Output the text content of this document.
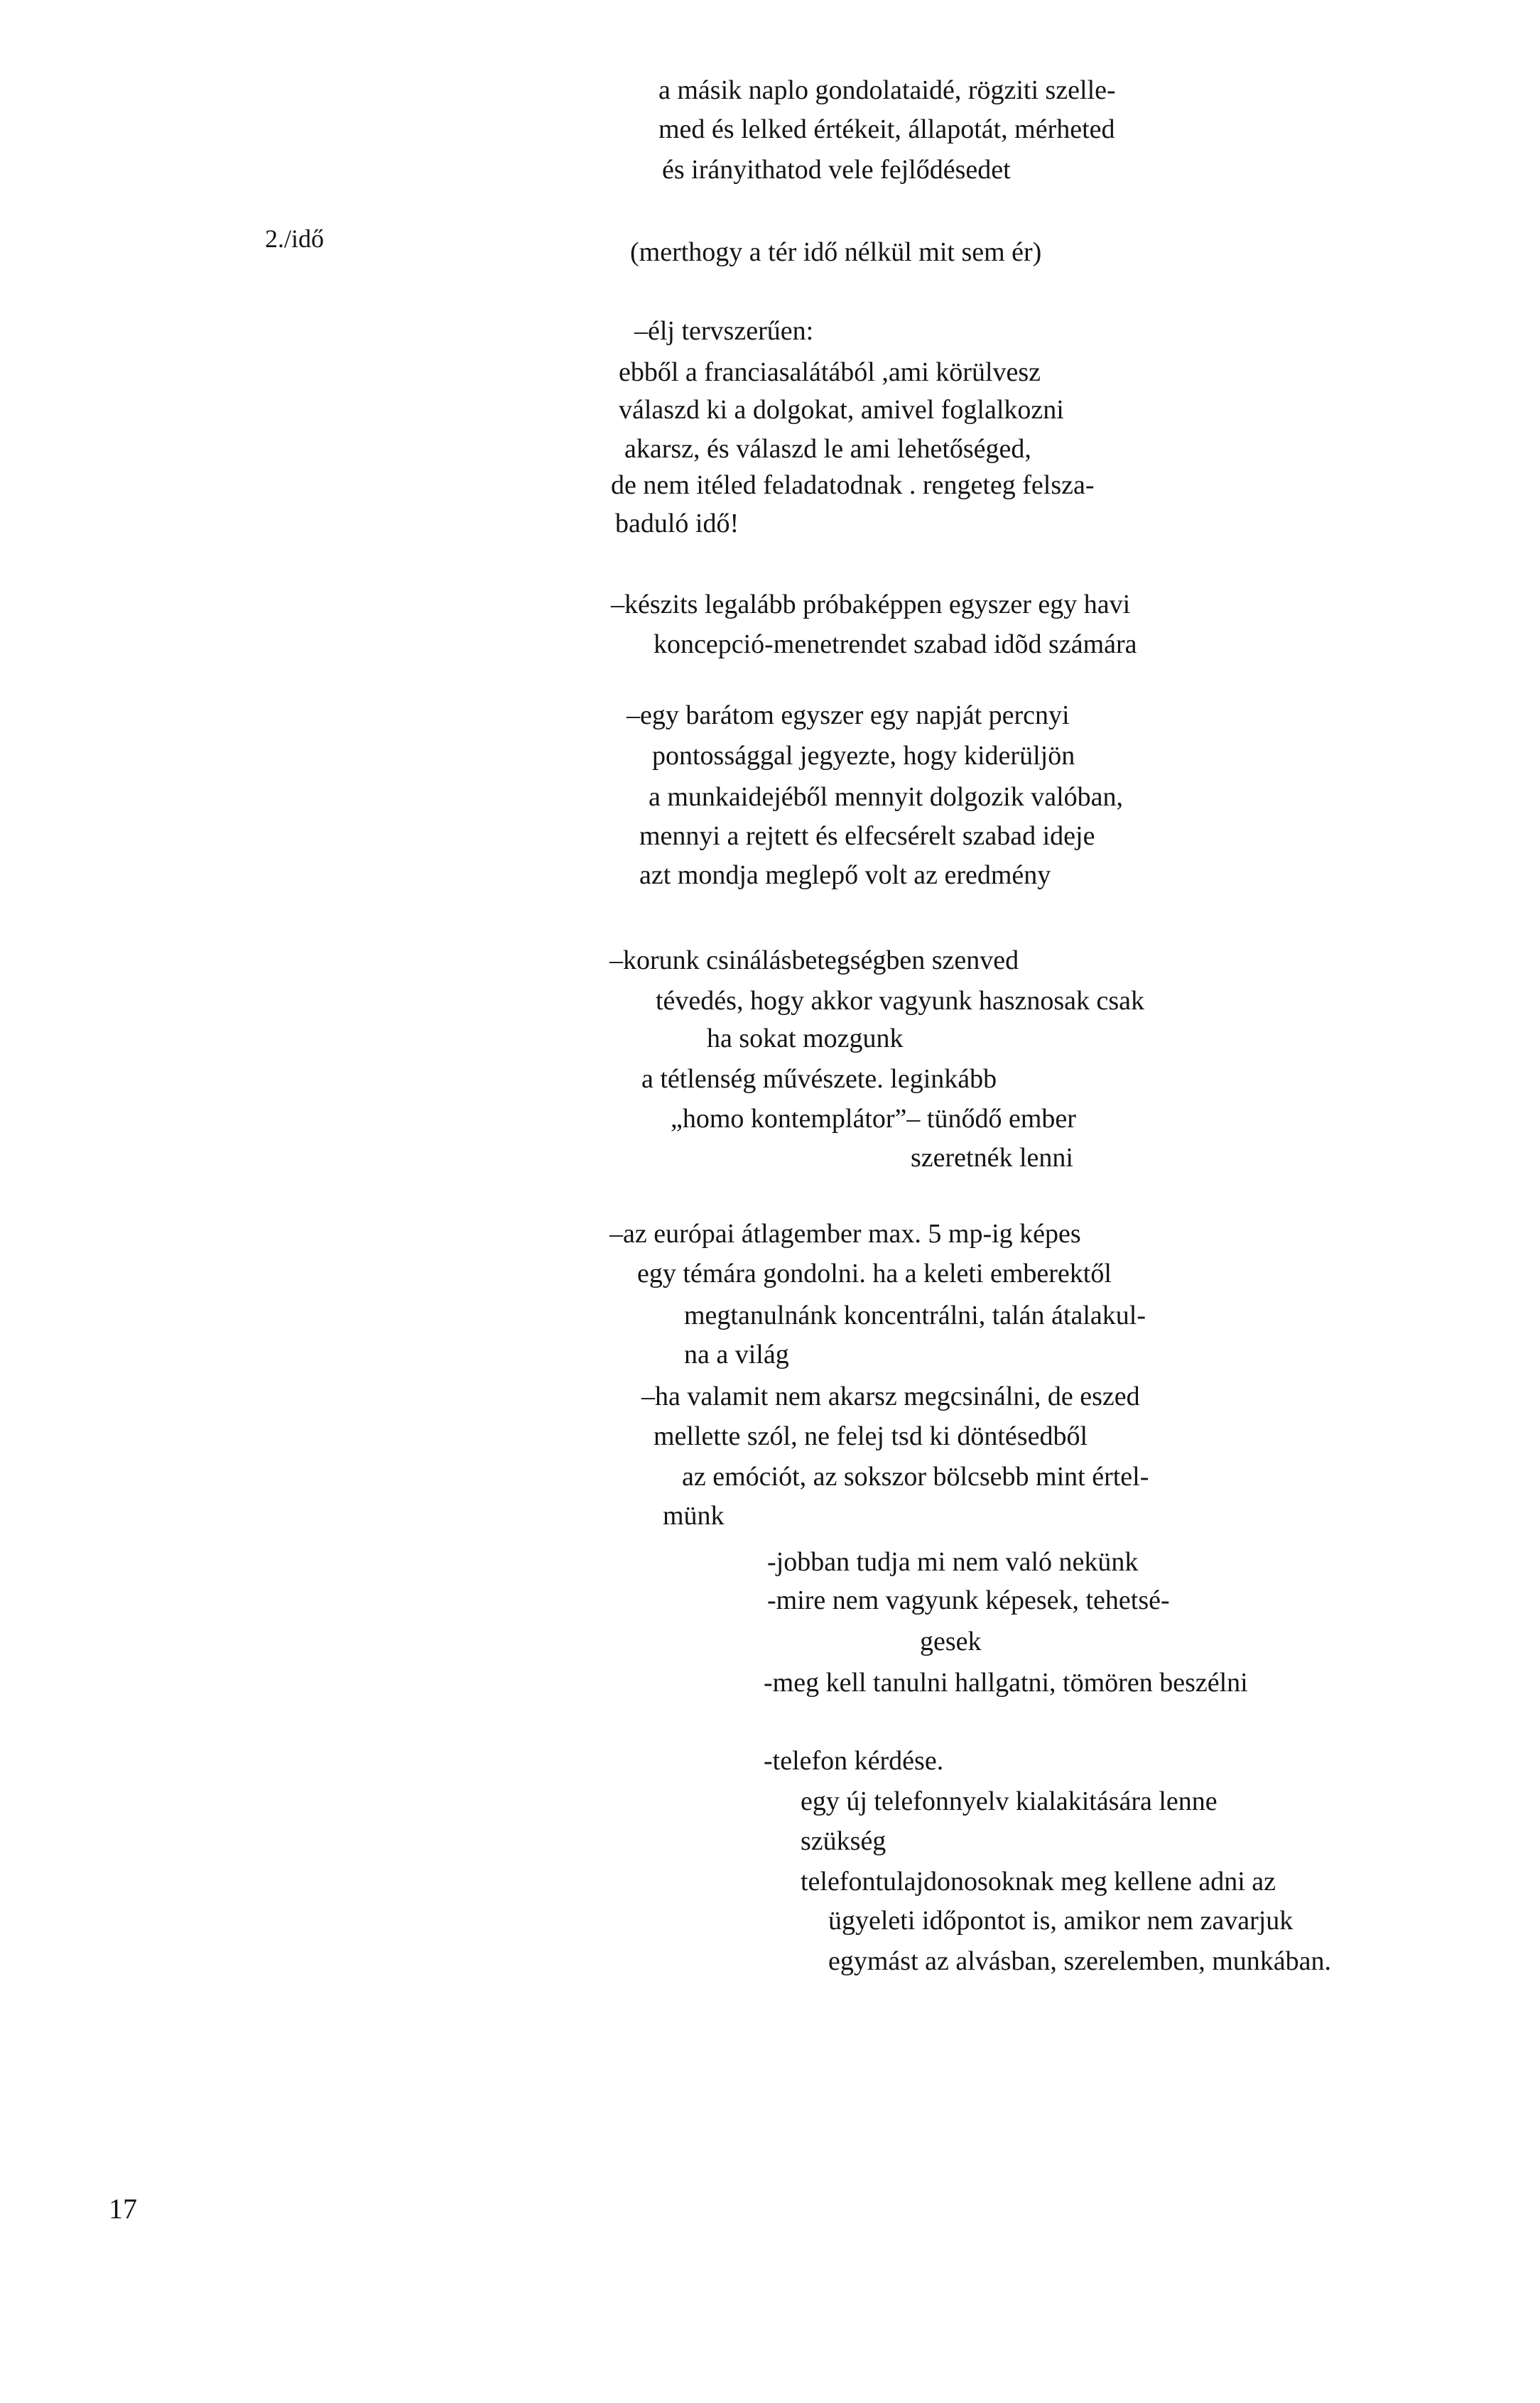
2./idő
a másik naplo gondolataidé, rögziti szelle-
med és lelked értékeit, állapotát, mérheted
és irányithatod vele fejlődésedet
(merthogy a tér idő nélkül mit sem ér)
–élj tervszerűen:
ebből a franciasalátából ,ami körülvesz
válaszd ki a dolgokat, amivel foglalkozni
akarsz, és válaszd le ami lehetőséged,
de nem itéled feladatodnak . rengeteg felsza-
baduló idő!
–készits legalább próbaképpen egyszer egy havi
koncepció-menetrendet szabad idõd számára
–egy barátom egyszer egy napját percnyi
pontossággal jegyezte, hogy kiderüljön
a munkaidejéből mennyit dolgozik valóban,
mennyi a rejtett és elfecsérelt szabad ideje
azt mondja meglepő volt az eredmény
–korunk csinálásbetegségben szenved
tévedés, hogy akkor vagyunk hasznosak csak
ha sokat mozgunk
a tétlenség művészete. leginkább
„homo kontemplátor”– tünődő ember
szeretnék lenni
–az európai átlagember max. 5 mp-ig képes
egy témára gondolni. ha a keleti emberektől
megtanulnánk koncentrálni, talán átalakul-
na a világ
–ha valamit nem akarsz megcsinálni, de eszed
mellette szól, ne felej tsd ki döntésedből
az emóciót, az sokszor bölcsebb mint értel-
münk
-jobban tudja mi nem való nekünk
-mire nem vagyunk képesek, tehetsé-
gesek
-meg kell tanulni hallgatni, tömören beszélni
-telefon kérdése.
egy új telefonnyelv kialakitására lenne
szükség
telefontulajdonosoknak meg kellene adni az
ügyeleti időpontot is, amikor nem zavarjuk
egymást az alvásban, szerelemben, munkában.
17
